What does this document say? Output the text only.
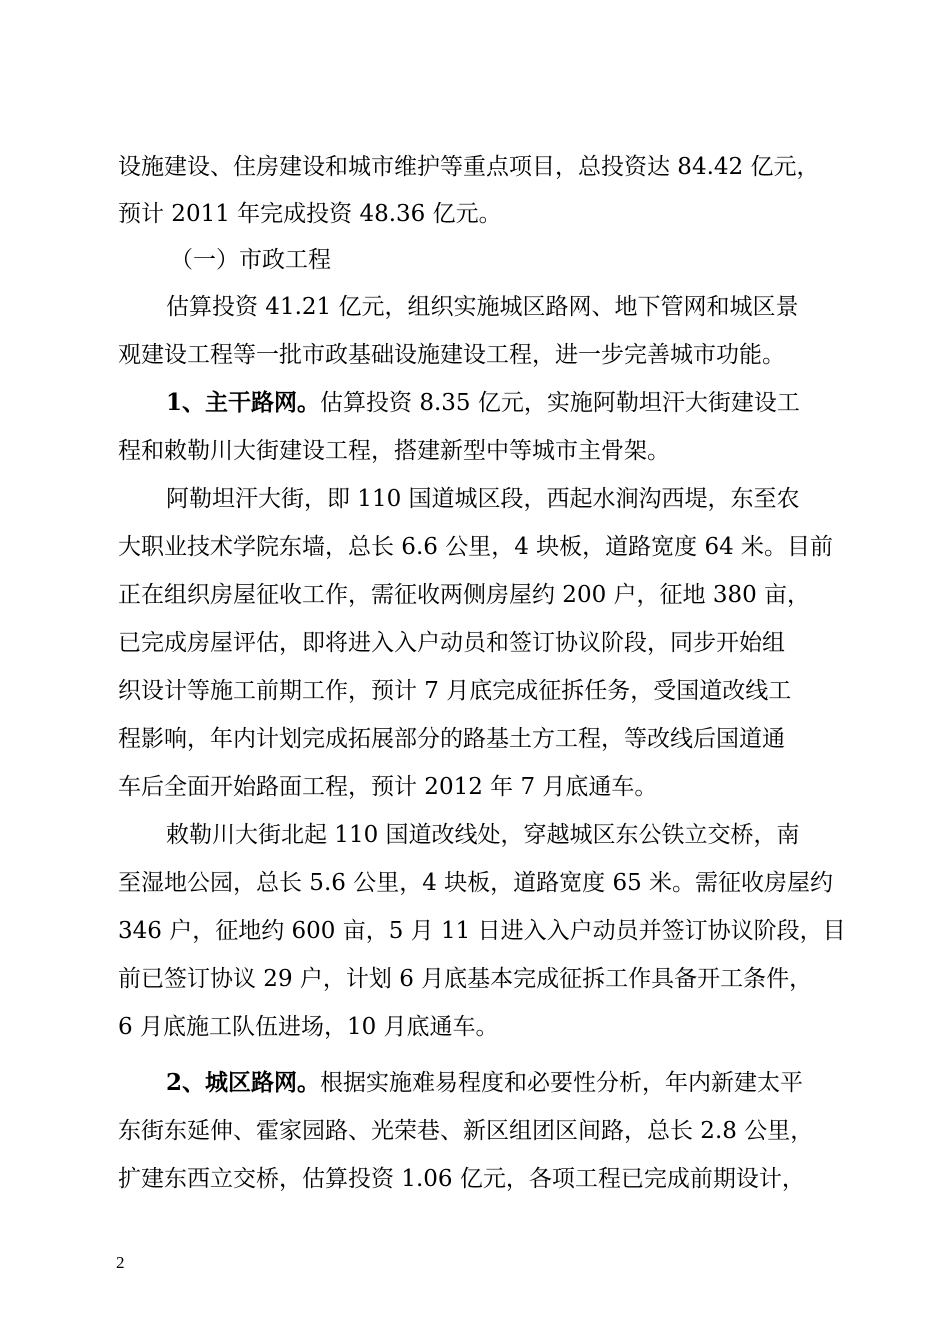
设施建设、住房建设和城市维护等重点项目，总投资达 84.42 亿元，
预计 2011 年完成投资 48.36 亿元。
（一）市政工程
估算投资 41.21 亿元，组织实施城区路网、地下管网和城区景
观建设工程等一批市政基础设施建设工程，进一步完善城市功能。
1、主干路网。估算投资 8.35 亿元，实施阿勒坦汗大街建设工
程和敕勒川大街建设工程，搭建新型中等城市主骨架。
阿勒坦汗大街，即 110 国道城区段，西起水涧沟西堤，东至农
大职业技术学院东墙，总长 6.6 公里，4 块板，道路宽度 64 米。目前
正在组织房屋征收工作，需征收两侧房屋约 200 户，征地 380 亩，
已完成房屋评估，即将进入入户动员和签订协议阶段，同步开始组
织设计等施工前期工作，预计 7 月底完成征拆任务，受国道改线工
程影响，年内计划完成拓展部分的路基土方工程，等改线后国道通
车后全面开始路面工程，预计 2012 年 7 月底通车。
敕勒川大街北起 110 国道改线处，穿越城区东公铁立交桥，南
至湿地公园，总长 5.6 公里，4 块板，道路宽度 65 米。需征收房屋约
346 户，征地约 600 亩，5 月 11 日进入入户动员并签订协议阶段，目
前已签订协议 29 户，计划 6 月底基本完成征拆工作具备开工条件，
6 月底施工队伍进场，10 月底通车。
2、城区路网。根据实施难易程度和必要性分析，年内新建太平
东街东延伸、霍家园路、光荣巷、新区组团区间路，总长 2.8 公里，
扩建东西立交桥，估算投资 1.06 亿元，各项工程已完成前期设计，
2
